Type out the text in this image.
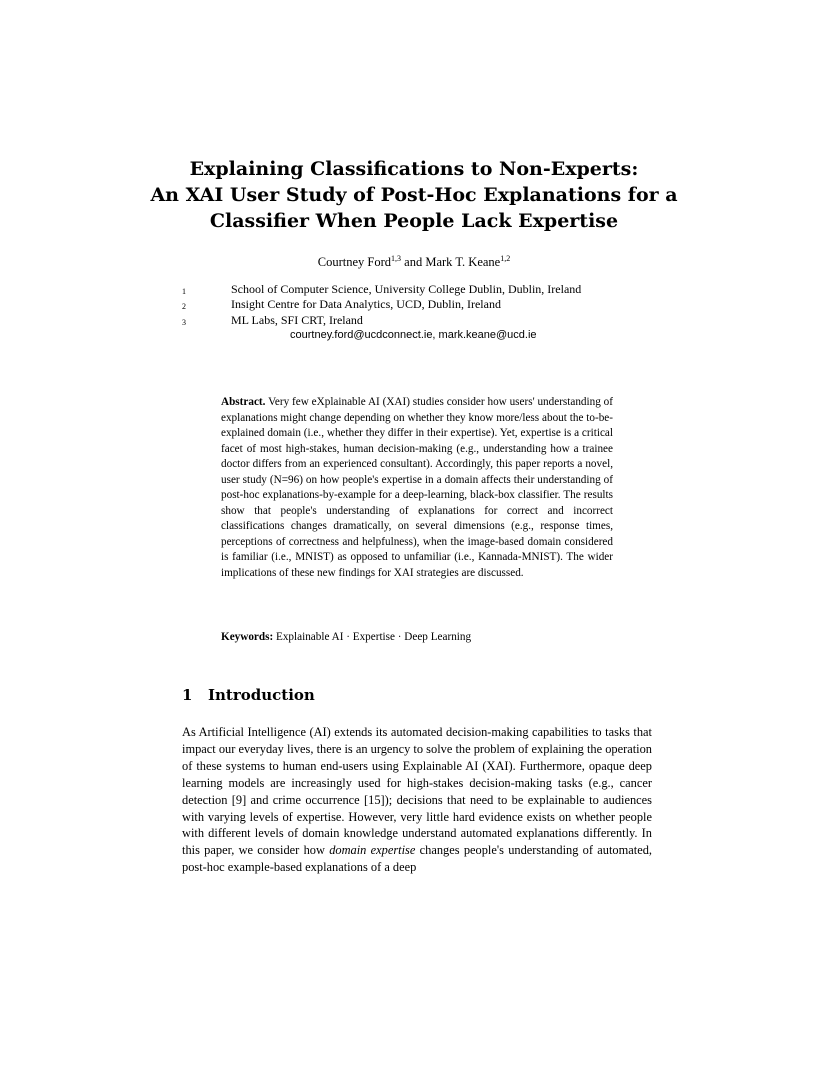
Explaining Classifications to Non-Experts:
An XAI User Study of Post-Hoc Explanations for a
Classifier When People Lack Expertise
Courtney Ford$^{1,3}$ and Mark T. Keane$^{1,2}$
1	School of Computer Science, University College Dublin, Dublin, Ireland
2	Insight Centre for Data Analytics, UCD, Dublin, Ireland
3	ML Labs, SFI CRT, Ireland
courtney.ford@ucdconnect.ie, mark.keane@ucd.ie
Abstract. Very few eXplainable AI (XAI) studies consider how users' understanding of explanations might change depending on whether they know more/less about the to-be-explained domain (i.e., whether they differ in their expertise). Yet, expertise is a critical facet of most high-stakes, human decision-making (e.g., understanding how a trainee doctor differs from an experienced consultant). Accordingly, this paper reports a novel, user study (N=96) on how people's expertise in a domain affects their understanding of post-hoc explanations-by-example for a deep-learning, black-box classifier. The results show that people's understanding of explanations for correct and incorrect classifications changes dramatically, on several dimensions (e.g., response times, perceptions of correctness and helpfulness), when the image-based domain considered is familiar (i.e., MNIST) as opposed to unfamiliar (i.e., Kannada-MNIST). The wider implications of these new findings for XAI strategies are discussed.
Keywords: Explainable AI · Expertise · Deep Learning
1 Introduction
As Artificial Intelligence (AI) extends its automated decision-making capabilities to tasks that impact our everyday lives, there is an urgency to solve the problem of explaining the operation of these systems to human end-users using Explainable AI (XAI). Furthermore, opaque deep learning models are increasingly used for high-stakes decision-making tasks (e.g., cancer detection [9] and crime occurrence [15]); decisions that need to be explainable to audiences with varying levels of expertise. However, very little hard evidence exists on whether people with different levels of domain knowledge understand automated explanations differently. In this paper, we consider how domain expertise changes people's understanding of automated, post-hoc example-based explanations of a deep
